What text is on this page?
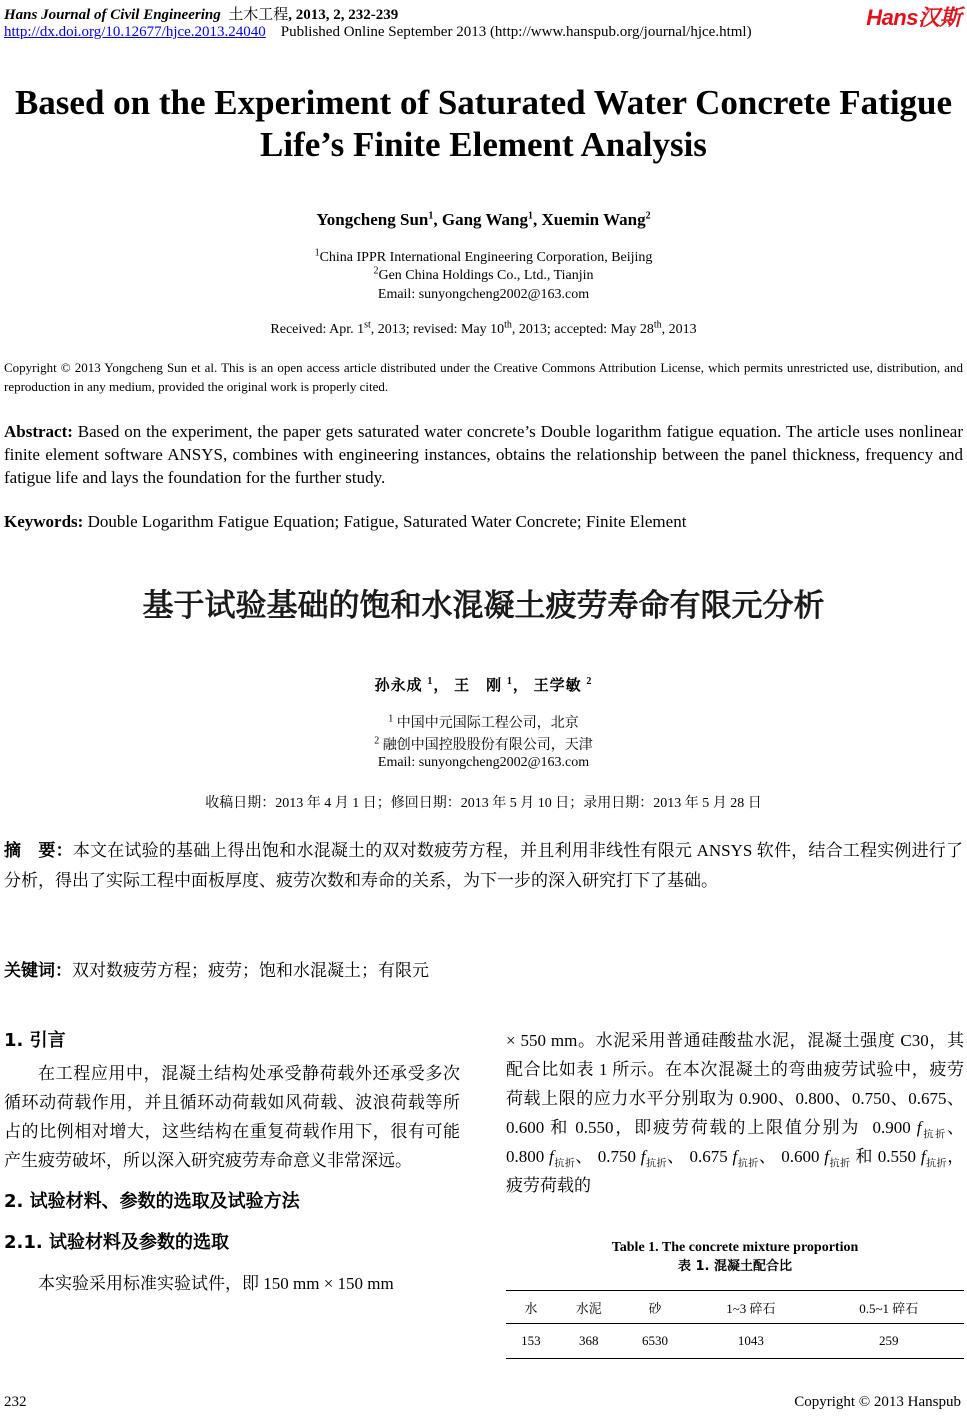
Hans Journal of Civil Engineering 土木工程, 2013, 2, 232-239
http://dx.doi.org/10.12677/hjce.2013.24040 Published Online September 2013 (http://www.hanspub.org/journal/hjce.html)
Hans汉斯
Based on the Experiment of Saturated Water Concrete Fatigue
Life’s Finite Element Analysis
Yongcheng Sun$^1$, Gang Wang$^1$, Xuemin Wang$^2$
$^1$China IPPR International Engineering Corporation, Beijing
$^2$Gen China Holdings Co., Ltd., Tianjin
Email: sunyongcheng2002@163.com
Received: Apr. 1st, 2013; revised: May 10th, 2013; accepted: May 28th, 2013
Copyright © 2013 Yongcheng Sun et al. This is an open access article distributed under the Creative Commons Attribution License, which permits unrestricted use, distribution, and reproduction in any medium, provided the original work is properly cited.
Abstract: Based on the experiment, the paper gets saturated water concrete’s Double logarithm fatigue equation. The article uses nonlinear finite element software ANSYS, combines with engineering instances, obtains the relationship between the panel thickness, frequency and fatigue life and lays the foundation for the further study.
Keywords: Double Logarithm Fatigue Equation; Fatigue, Saturated Water Concrete; Finite Element
基于试验基础的饱和水混凝土疲劳寿命有限元分析
孙永成 $^1$， 王　刚 $^1$， 王学敏 $^2$
$^1$ 中国中元国际工程公司，北京
$^2$ 融创中国控股股份有限公司，天津
Email: sunyongcheng2002@163.com
收稿日期：2013 年 4 月 1 日；修回日期：2013 年 5 月 10 日；录用日期：2013 年 5 月 28 日
摘　要：本文在试验的基础上得出饱和水混凝土的双对数疲劳方程，并且利用非线性有限元 ANSYS 软件，结合工程实例进行了分析，得出了实际工程中面板厚度、疲劳次数和寿命的关系，为下一步的深入研究打下了基础。
关键词：双对数疲劳方程；疲劳；饱和水混凝土；有限元
1. 引言
在工程应用中，混凝土结构处承受静荷载外还承受多次循环动荷载作用，并且循环动荷载如风荷载、波浪荷载等所占的比例相对增大，这些结构在重复荷载作用下，很有可能产生疲劳破坏，所以深入研究疲劳寿命意义非常深远。
2. 试验材料、参数的选取及试验方法
2.1. 试验材料及参数的选取
本实验采用标准实验试件，即 150 mm × 150 mm
× 550 mm。水泥采用普通硅酸盐水泥，混凝土强度 C30，其配合比如表 1 所示。在本次混凝土的弯曲疲劳试验中，疲劳荷载上限的应力水平分别取为 0.900、0.800、0.750、0.675、0.600 和 0.550，即疲劳荷载的上限值分别为 0.900 $f_{抗折}$、 0.800 $f_{抗折}$、 0.750 $f_{抗折}$、 0.675 $f_{抗折}$、 0.600 $f_{抗折}$ 和 0.550 $f_{抗折}$，疲劳荷载的
Table 1. The concrete mixture proportion
表 1. 混凝土配合比
水	水泥	砂	1~3 碎石	0.5~1 碎石
153	368	6530	1043	259
232	Copyright © 2013 Hanspub
